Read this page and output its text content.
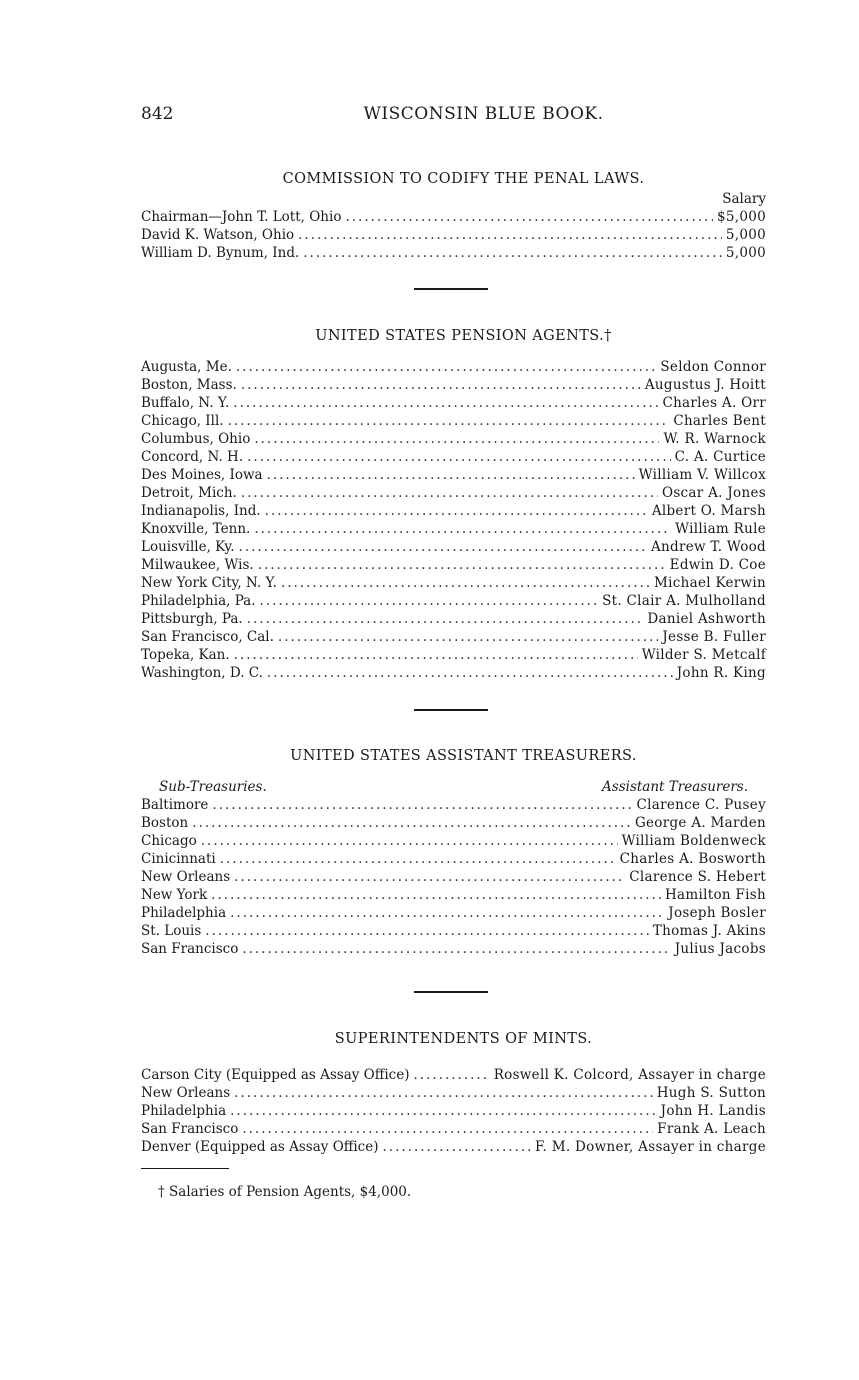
842	WISCONSIN BLUE BOOK.
COMMISSION TO CODIFY THE PENAL LAWS.
Salary
Chairman—John T. Lott, Ohio .....	$5,000
David K. Watson, Ohio .....	5,000
William D. Bynum, Ind. .....	5,000
UNITED STATES PENSION AGENTS.†
Augusta, Me. .....	Seldon Connor
Boston, Mass. .....	Augustus J. Hoitt
Buffalo, N. Y. .....	Charles A. Orr
Chicago, Ill. .....	Charles Bent
Columbus, Ohio .....	W. R. Warnock
Concord, N. H. .....	C. A. Curtice
Des Moines, Iowa .....	William V. Willcox
Detroit, Mich. .....	Oscar A. Jones
Indianapolis, Ind. .....	Albert O. Marsh
Knoxville, Tenn. .....	William Rule
Louisville, Ky. .....	Andrew T. Wood
Milwaukee, Wis. .....	Edwin D. Coe
New York City, N. Y. .....	Michael Kerwin
Philadelphia, Pa. .....	St. Clair A. Mulholland
Pittsburgh, Pa. .....	Daniel Ashworth
San Francisco, Cal. .....	Jesse B. Fuller
Topeka, Kan. .....	Wilder S. Metcalf
Washington, D. C. .....	John R. King
UNITED STATES ASSISTANT TREASURERS.
Sub-Treasuries.	Assistant Treasurers.
Baltimore .....	Clarence C. Pusey
Boston .....	George A. Marden
Chicago .....	William Boldenweck
Cinicinnati .....	Charles A. Bosworth
New Orleans .....	Clarence S. Hebert
New York .....	Hamilton Fish
Philadelphia .....	Joseph Bosler
St. Louis .....	Thomas J. Akins
San Francisco .....	Julius Jacobs
SUPERINTENDENTS OF MINTS.
Carson City (Equipped as Assay Office) .....	Roswell K. Colcord, Assayer in charge
New Orleans .....	Hugh S. Sutton
Philadelphia .....	John H. Landis
San Francisco .....	Frank A. Leach
Denver (Equipped as Assay Office) .....	F. M. Downer, Assayer in charge
† Salaries of Pension Agents, $4,000.
